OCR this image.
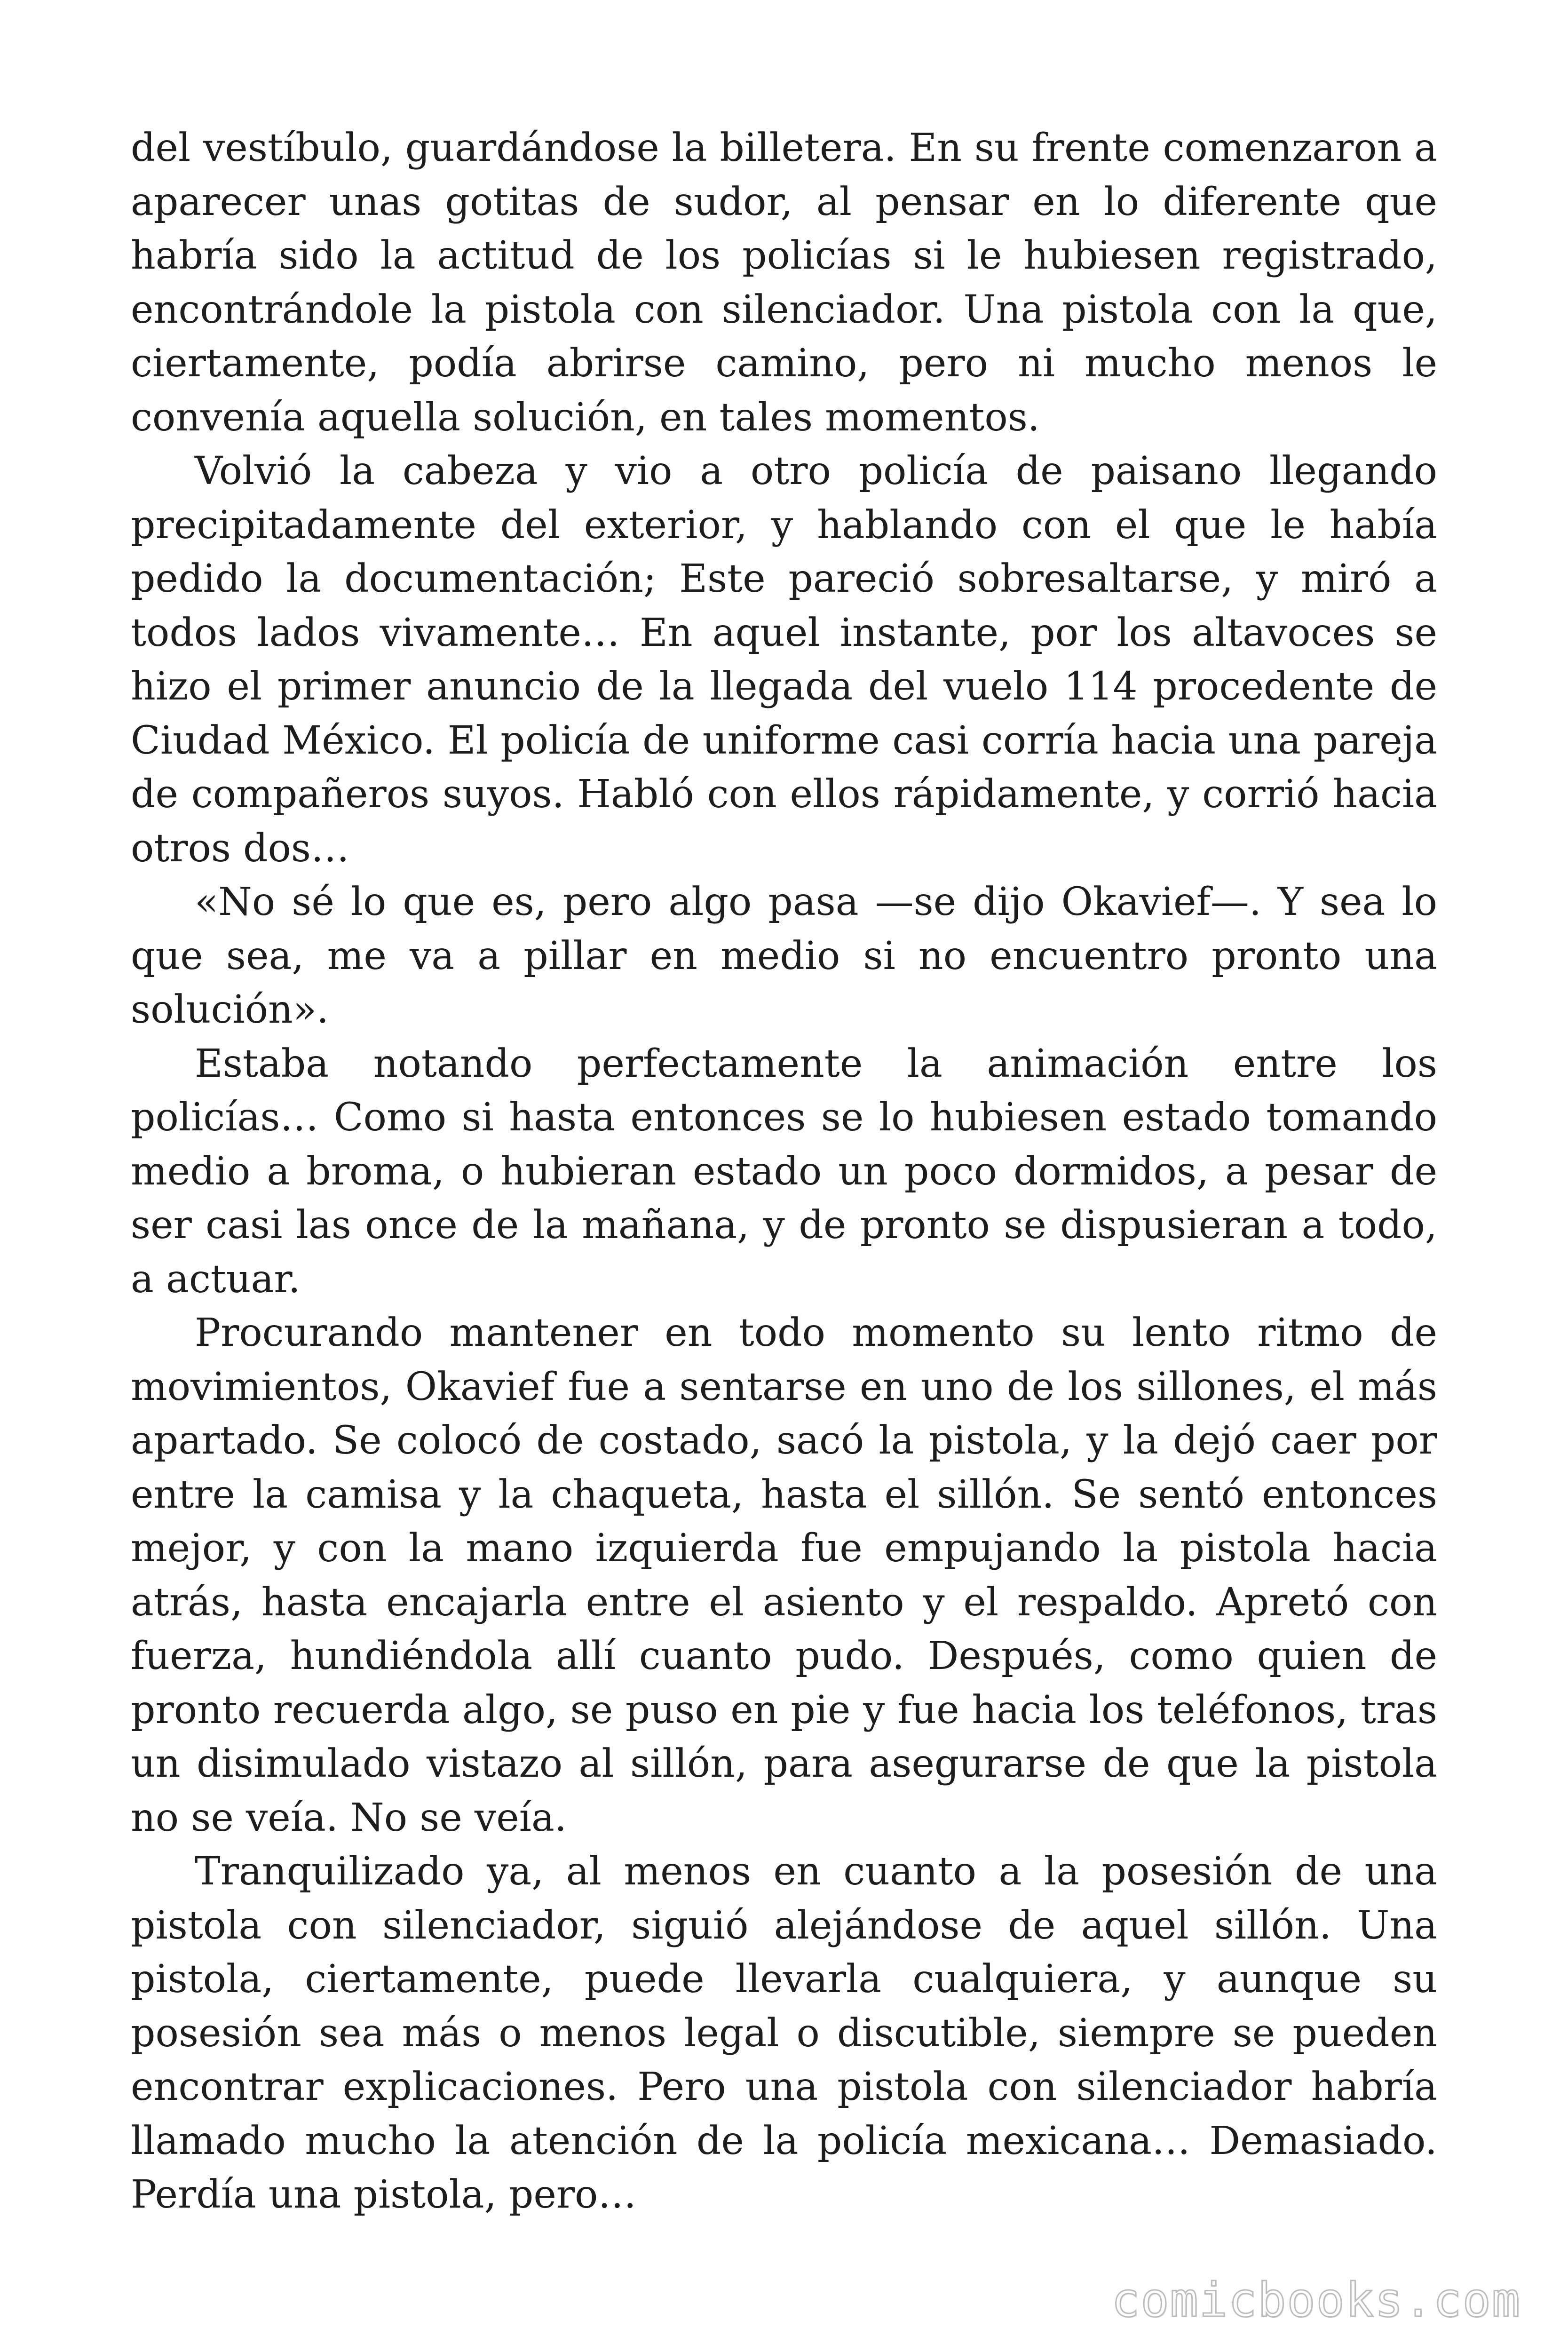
del vestíbulo, guardándose la billetera. En su frente comenzaron a aparecer unas gotitas de sudor, al pensar en lo diferente que habría sido la actitud de los policías si le hubiesen registrado, encontrándole la pistola con silenciador. Una pistola con la que, ciertamente, podía abrirse camino, pero ni mucho menos le convenía aquella solución, en tales momentos.

Volvió la cabeza y vio a otro policía de paisano llegando precipitadamente del exterior, y hablando con el que le había pedido la documentación; Este pareció sobresaltarse, y miró a todos lados vivamente… En aquel instante, por los altavoces se hizo el primer anuncio de la llegada del vuelo 114 procedente de Ciudad México. El policía de uniforme casi corría hacia una pareja de compañeros suyos. Habló con ellos rápidamente, y corrió hacia otros dos…

«No sé lo que es, pero algo pasa —se dijo Okavief—. Y sea lo que sea, me va a pillar en medio si no encuentro pronto una solución».

Estaba notando perfectamente la animación entre los policías… Como si hasta entonces se lo hubiesen estado tomando medio a broma, o hubieran estado un poco dormidos, a pesar de ser casi las once de la mañana, y de pronto se dispusieran a todo, a actuar.

Procurando mantener en todo momento su lento ritmo de movimientos, Okavief fue a sentarse en uno de los sillones, el más apartado. Se colocó de costado, sacó la pistola, y la dejó caer por entre la camisa y la chaqueta, hasta el sillón. Se sentó entonces mejor, y con la mano izquierda fue empujando la pistola hacia atrás, hasta encajarla entre el asiento y el respaldo. Apretó con fuerza, hundiéndola allí cuanto pudo. Después, como quien de pronto recuerda algo, se puso en pie y fue hacia los teléfonos, tras un disimulado vistazo al sillón, para asegurarse de que la pistola no se veía. No se veía.

Tranquilizado ya, al menos en cuanto a la posesión de una pistola con silenciador, siguió alejándose de aquel sillón. Una pistola, ciertamente, puede llevarla cualquiera, y aunque su posesión sea más o menos legal o discutible, siempre se pueden encontrar explicaciones. Pero una pistola con silenciador habría llamado mucho la atención de la policía mexicana… Demasiado. Perdía una pistola, pero…

comicbooks.com
